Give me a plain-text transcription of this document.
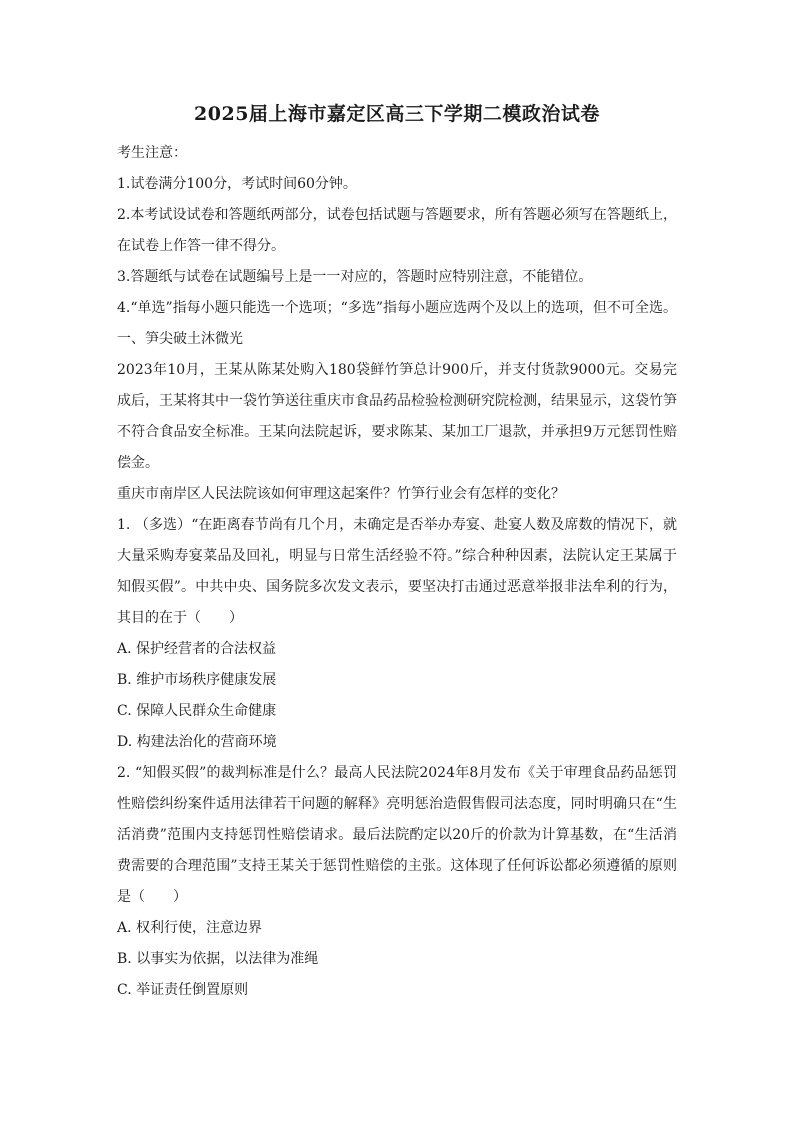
2025届上海市嘉定区高三下学期二模政治试卷
考生注意：
1.试卷满分100分，考试时间60分钟。
2.本考试设试卷和答题纸两部分，试卷包括试题与答题要求，所有答题必须写在答题纸上，在试卷上作答一律不得分。
3.答题纸与试卷在试题编号上是一一对应的，答题时应特别注意，不能错位。
4.“单选”指每小题只能选一个选项；“多选”指每小题应选两个及以上的选项，但不可全选。
一、笋尖破土沐微光
2023年10月，王某从陈某处购入180袋鲜竹笋总计900斤，并支付货款9000元。交易完成后，王某将其中一袋竹笋送往重庆市食品药品检验检测研究院检测，结果显示，这袋竹笋不符合食品安全标准。王某向法院起诉，要求陈某、某加工厂退款，并承担9万元惩罚性赔偿金。
重庆市南岸区人民法院该如何审理这起案件？竹笋行业会有怎样的变化？
1. （多选）“在距离春节尚有几个月，未确定是否举办寿宴、赴宴人数及席数的情况下，就大量采购寿宴菜品及回礼，明显与日常生活经验不符。”综合种种因素，法院认定王某属于知假买假”。中共中央、国务院多次发文表示，要坚决打击通过恶意举报非法牟利的行为，其目的在于（　　）
A. 保护经营者的合法权益
B. 维护市场秩序健康发展
C. 保障人民群众生命健康
D. 构建法治化的营商环境
2. “知假买假”的裁判标准是什么？最高人民法院2024年8月发布《关于审理食品药品惩罚性赔偿纠纷案件适用法律若干问题的解释》亮明惩治造假售假司法态度，同时明确只在“生活消费”范围内支持惩罚性赔偿请求。最后法院酌定以20斤的价款为计算基数，在“生活消费需要的合理范围”支持王某关于惩罚性赔偿的主张。这体现了任何诉讼都必须遵循的原则是（　　）
A. 权利行使，注意边界
B. 以事实为依据，以法律为准绳
C. 举证责任倒置原则
